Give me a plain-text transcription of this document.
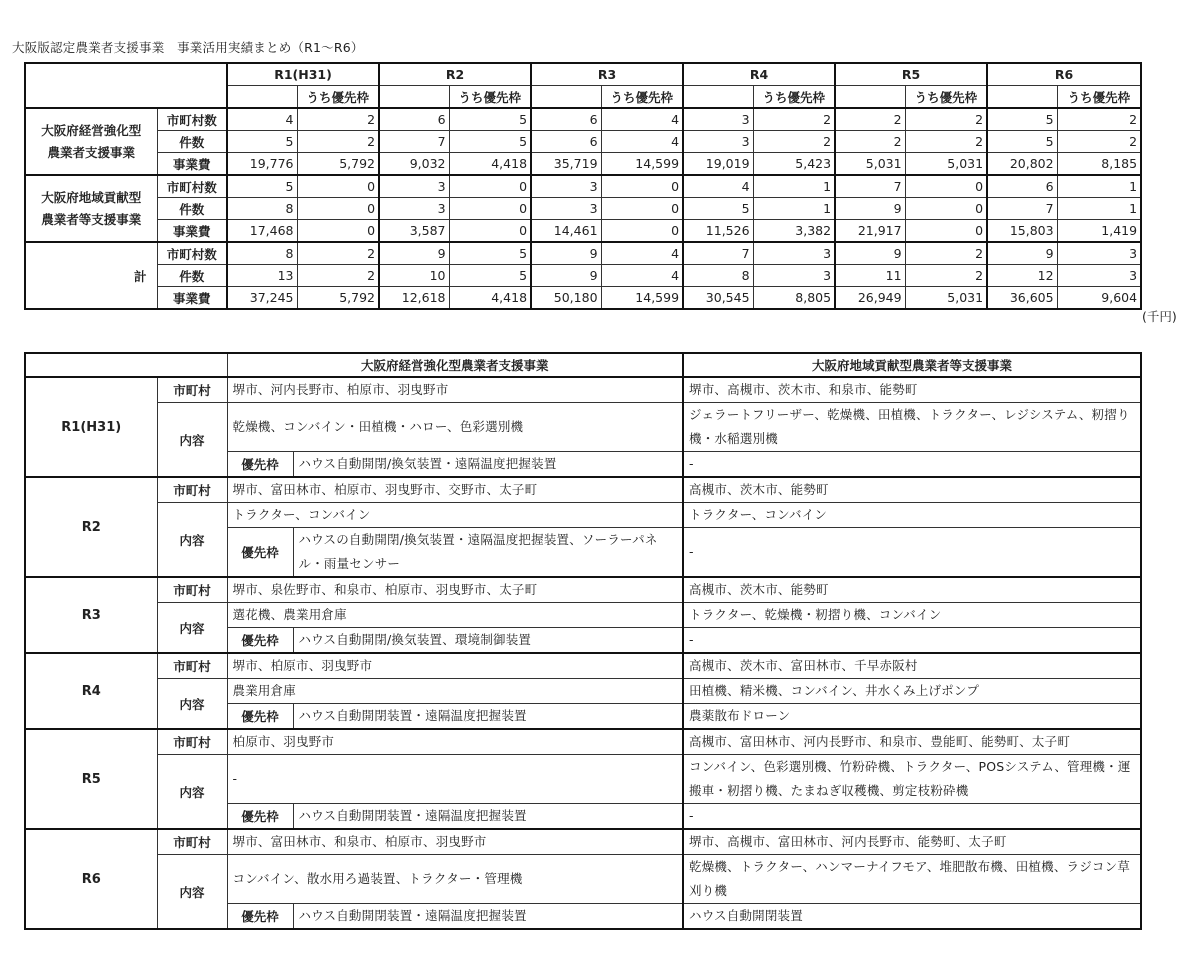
大阪版認定農業者支援事業　事業活用実績まとめ（R1～R6）
		R1(H31)		R2		R3		R4		R5		R6	
			うち優先枠		うち優先枠		うち優先枠		うち優先枠		うち優先枠		うち優先枠

大阪府経営強化型
農業者支援事業	市町村数	4	2	6	5	6	4	3	2	2	2	5	2
	件数	5	2	7	5	6	4	3	2	2	2	5	2
	事業費	19,776	5,792	9,032	4,418	35,719	14,599	19,019	5,423	5,031	5,031	20,802	8,185

大阪府地域貢献型
農業者等支援事業	市町村数	5	0	3	0	3	0	4	1	7	0	6	1
	件数	8	0	3	0	3	0	5	1	9	0	7	1
	事業費	17,468	0	3,587	0	14,461	0	11,526	3,382	21,917	0	15,803	1,419
計	市町村数	8	2	9	5	9	4	7	3	9	2	9	3
	件数	13	2	10	5	9	4	8	3	11	2	12	3
	事業費	37,245	5,792	12,618	4,418	50,180	14,599	30,545	8,805	26,949	5,031	36,605	9,604
(千円)
		大阪府経営強化型農業者支援事業		大阪府地域貢献型農業者等支援事業
R1(H31)	市町村	堺市、河内長野市、柏原市、羽曳野市		堺市、高槻市、茨木市、和泉市、能勢町
	内容	乾燥機、コンバイン・田植機・ハロー、色彩選別機		ジェラートフリーザー、乾燥機、田植機、トラクター、レジシステム、籾摺り機・水稲選別機
		優先枠	ハウス自動開閉/換気装置・遠隔温度把握装置	-
R2	市町村	堺市、富田林市、柏原市、羽曳野市、交野市、太子町		高槻市、茨木市、能勢町
	内容	トラクター、コンバイン		トラクター、コンバイン
		優先枠	ハウスの自動開閉/換気装置・遠隔温度把握装置、ソーラーパネル・雨量センサー	-
R3	市町村	堺市、泉佐野市、和泉市、柏原市、羽曳野市、太子町		高槻市、茨木市、能勢町
	内容	選花機、農業用倉庫		トラクター、乾燥機・籾摺り機、コンバイン
		優先枠	ハウス自動開閉/換気装置、環境制御装置	-
R4	市町村	堺市、柏原市、羽曳野市		高槻市、茨木市、富田林市、千早赤阪村
	内容	農業用倉庫		田植機、精米機、コンバイン、井水くみ上げポンプ
		優先枠	ハウス自動開閉装置・遠隔温度把握装置	農薬散布ドローン
R5	市町村	柏原市、羽曳野市		高槻市、富田林市、河内長野市、和泉市、豊能町、能勢町、太子町
	内容	-		コンバイン、色彩選別機、竹粉砕機、トラクター、POSシステム、管理機・運搬車・籾摺り機、たまねぎ収穫機、剪定枝粉砕機
		優先枠	ハウス自動開閉装置・遠隔温度把握装置	-
R6	市町村	堺市、富田林市、和泉市、柏原市、羽曳野市		堺市、高槻市、富田林市、河内長野市、能勢町、太子町
	内容	コンバイン、散水用ろ過装置、トラクター・管理機		乾燥機、トラクター、ハンマーナイフモア、堆肥散布機、田植機、ラジコン草刈り機
		優先枠	ハウス自動開閉装置・遠隔温度把握装置	ハウス自動開閉装置
